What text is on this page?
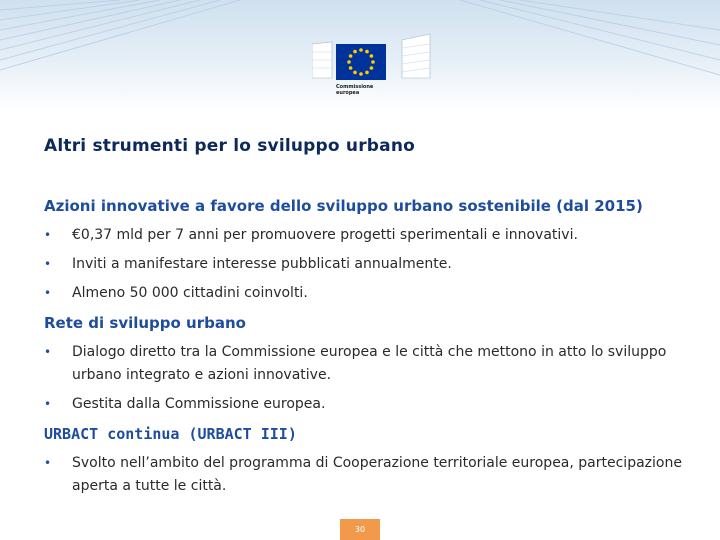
Commissione
europea
Altri strumenti per lo sviluppo urbano
Azioni innovative a favore dello sviluppo urbano sostenibile (dal 2015)
• €0,37 mld per 7 anni per promuovere progetti sperimentali e innovativi.
• Inviti a manifestare interesse pubblicati annualmente.
• Almeno 50 000 cittadini coinvolti.
Rete di sviluppo urbano
• Dialogo diretto tra la Commissione europea e le città che mettono in atto lo sviluppo urbano integrato e azioni innovative.
• Gestita dalla Commissione europea.
URBACT continua (URBACT III)
• Svolto nell’ambito del programma di Cooperazione territoriale europea, partecipazione aperta a tutte le città.
30
